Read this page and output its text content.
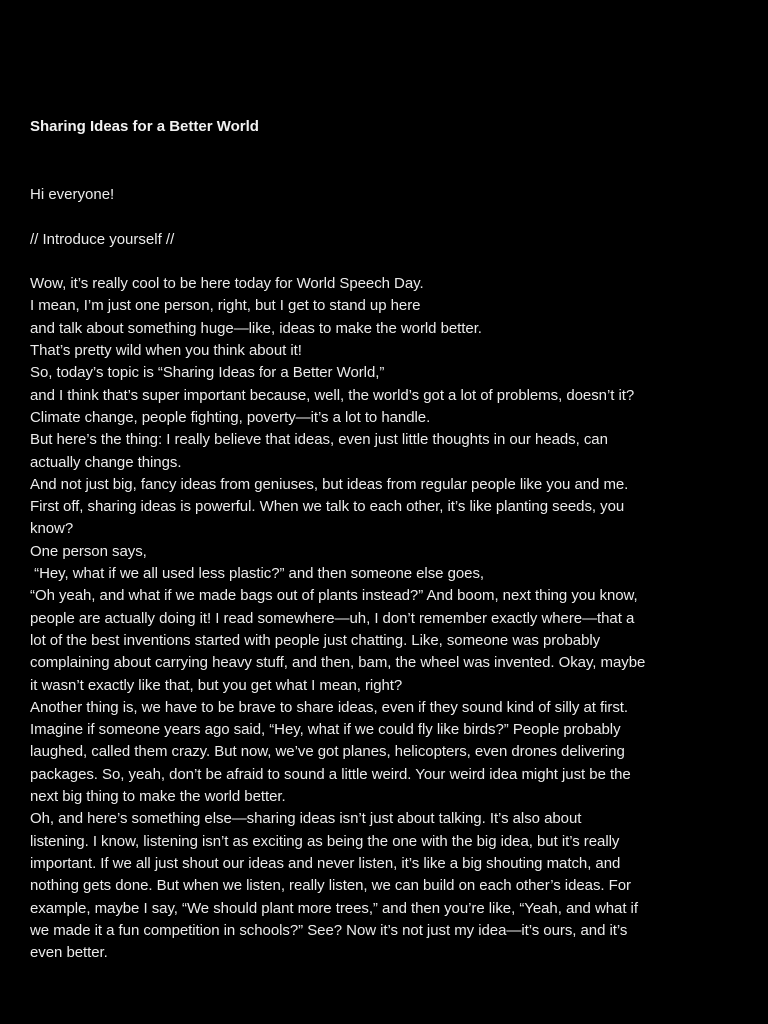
Sharing Ideas for a Better World
Hi everyone!
// Introduce yourself //
Wow, it’s really cool to be here today for World Speech Day.
I mean, I’m just one person, right, but I get to stand up here
and talk about something huge—like, ideas to make the world better.
That’s pretty wild when you think about it!
So, today’s topic is “Sharing Ideas for a Better World,”
and I think that’s super important because, well, the world’s got a lot of problems, doesn’t it?
Climate change, people fighting, poverty—it’s a lot to handle.
But here’s the thing: I really believe that ideas, even just little thoughts in our heads, can
actually change things.
And not just big, fancy ideas from geniuses, but ideas from regular people like you and me.
First off, sharing ideas is powerful. When we talk to each other, it’s like planting seeds, you
know?
One person says,
“Hey, what if we all used less plastic?” and then someone else goes,
“Oh yeah, and what if we made bags out of plants instead?” And boom, next thing you know,
people are actually doing it! I read somewhere—uh, I don’t remember exactly where—that a
lot of the best inventions started with people just chatting. Like, someone was probably
complaining about carrying heavy stuff, and then, bam, the wheel was invented. Okay, maybe
it wasn’t exactly like that, but you get what I mean, right?
Another thing is, we have to be brave to share ideas, even if they sound kind of silly at first.
Imagine if someone years ago said, “Hey, what if we could fly like birds?” People probably
laughed, called them crazy. But now, we’ve got planes, helicopters, even drones delivering
packages. So, yeah, don’t be afraid to sound a little weird. Your weird idea might just be the
next big thing to make the world better.
Oh, and here’s something else—sharing ideas isn’t just about talking. It’s also about
listening. I know, listening isn’t as exciting as being the one with the big idea, but it’s really
important. If we all just shout our ideas and never listen, it’s like a big shouting match, and
nothing gets done. But when we listen, really listen, we can build on each other’s ideas. For
example, maybe I say, “We should plant more trees,” and then you’re like, “Yeah, and what if
we made it a fun competition in schools?” See? Now it’s not just my idea—it’s ours, and it’s
even better.
